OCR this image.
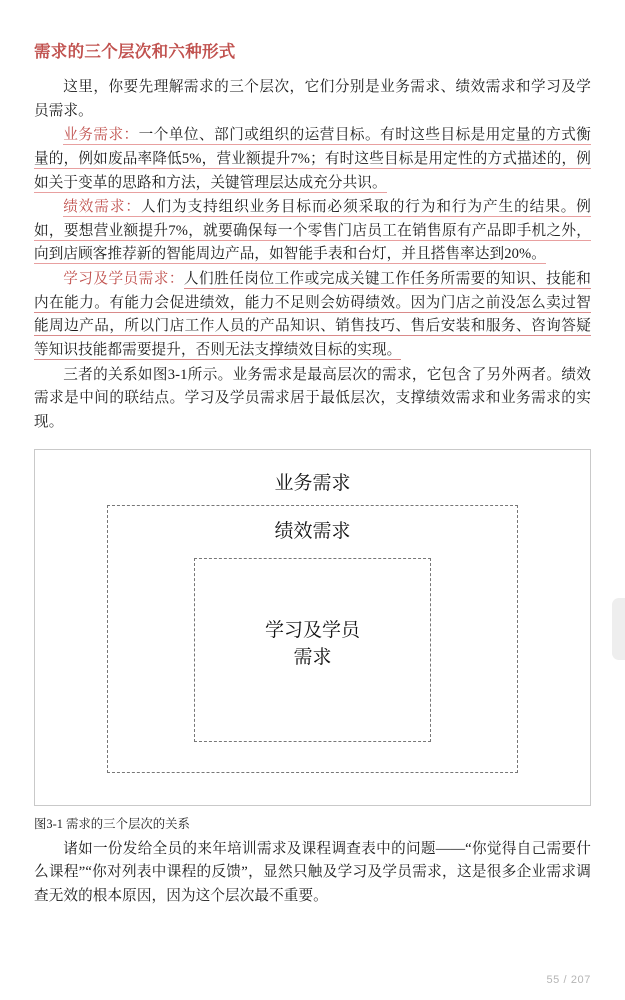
需求的三个层次和六种形式

这里，你要先理解需求的三个层次，它们分别是业务需求、绩效需求和学习及学员需求。

业务需求：一个单位、部门或组织的运营目标。有时这些目标是用定量的方式衡量的，例如废品率降低5%，营业额提升7%；有时这些目标是用定性的方式描述的，例如关于变革的思路和方法，关键管理层达成充分共识。

绩效需求：人们为支持组织业务目标而必须采取的行为和行为产生的结果。例如，要想营业额提升7%，就要确保每一个零售门店员工在销售原有产品即手机之外，向到店顾客推荐新的智能周边产品，如智能手表和台灯，并且搭售率达到20%。

学习及学员需求：人们胜任岗位工作或完成关键工作任务所需要的知识、技能和内在能力。有能力会促进绩效，能力不足则会妨碍绩效。因为门店之前没怎么卖过智能周边产品，所以门店工作人员的产品知识、销售技巧、售后安装和服务、咨询答疑等知识技能都需要提升，否则无法支撑绩效目标的实现。

三者的关系如图3-1所示。业务需求是最高层次的需求，它包含了另外两者。绩效需求是中间的联结点。学习及学员需求居于最低层次，支撑绩效需求和业务需求的实现。

业务需求
绩效需求
学习及学员
需求

图3-1 需求的三个层次的关系

诸如一份发给全员的来年培训需求及课程调查表中的问题——“你觉得自己需要什么课程”“你对列表中课程的反馈”，显然只触及学习及学员需求，这是很多企业需求调查无效的根本原因，因为这个层次最不重要。

55 / 207
